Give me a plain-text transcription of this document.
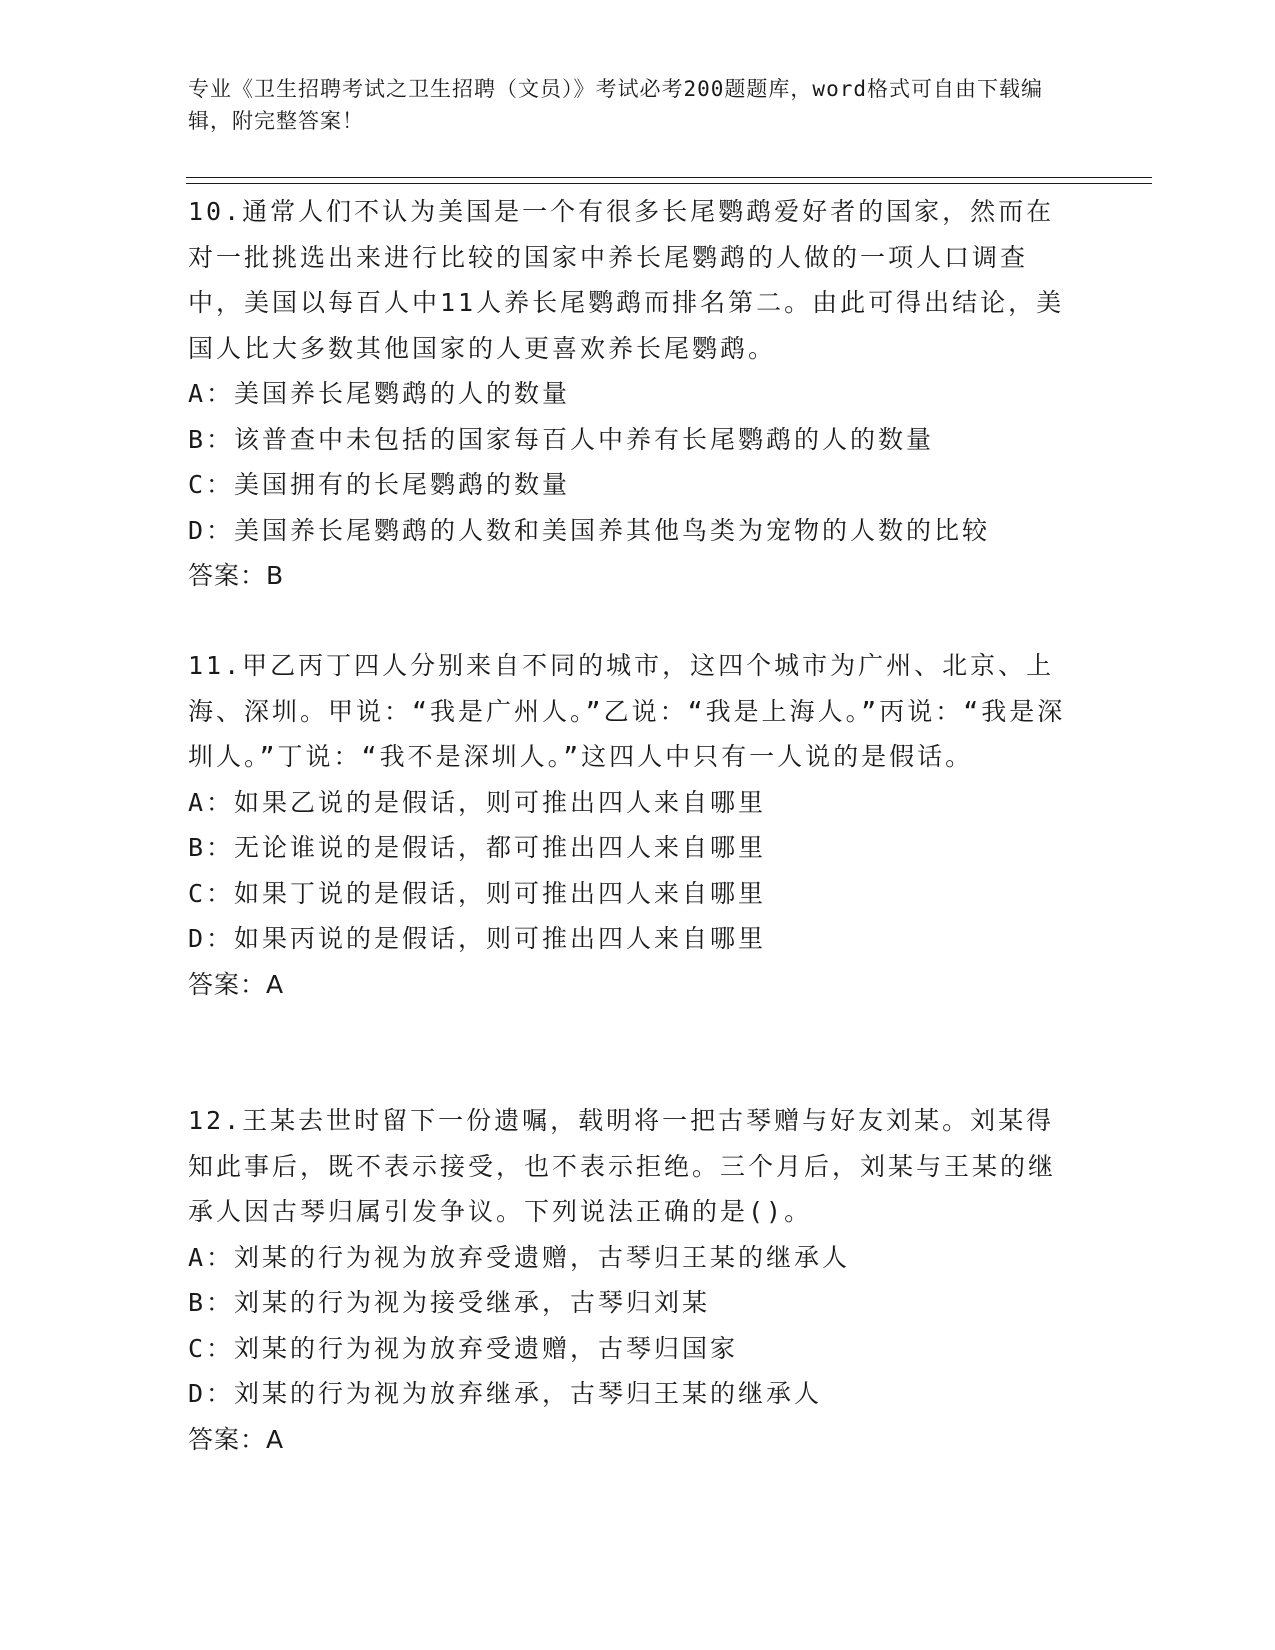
专业《卫生招聘考试之卫生招聘（文员）》考试必考200题题库，word格式可自由下载编辑，附完整答案！

10.通常人们不认为美国是一个有很多长尾鹦鹉爱好者的国家，然而在对一批挑选出来进行比较的国家中养长尾鹦鹉的人做的一项人口调查中，美国以每百人中11人养长尾鹦鹉而排名第二。由此可得出结论，美国人比大多数其他国家的人更喜欢养长尾鹦鹉。

A：美国养长尾鹦鹉的人的数量

B：该普查中未包括的国家每百人中养有长尾鹦鹉的人的数量

C：美国拥有的长尾鹦鹉的数量

D：美国养长尾鹦鹉的人数和美国养其他鸟类为宠物的人数的比较

答案：B

11.甲乙丙丁四人分别来自不同的城市，这四个城市为广州、北京、上海、深圳。甲说：“我是广州人。”乙说：“我是上海人。”丙说：“我是深圳人。”丁说：“我不是深圳人。”这四人中只有一人说的是假话。

A：如果乙说的是假话，则可推出四人来自哪里

B：无论谁说的是假话，都可推出四人来自哪里

C：如果丁说的是假话，则可推出四人来自哪里

D：如果丙说的是假话，则可推出四人来自哪里

答案：A

12.王某去世时留下一份遗嘱，载明将一把古琴赠与好友刘某。刘某得知此事后，既不表示接受，也不表示拒绝。三个月后，刘某与王某的继承人因古琴归属引发争议。下列说法正确的是()。

A：刘某的行为视为放弃受遗赠，古琴归王某的继承人

B：刘某的行为视为接受继承，古琴归刘某

C：刘某的行为视为放弃受遗赠，古琴归国家

D：刘某的行为视为放弃继承，古琴归王某的继承人

答案：A
